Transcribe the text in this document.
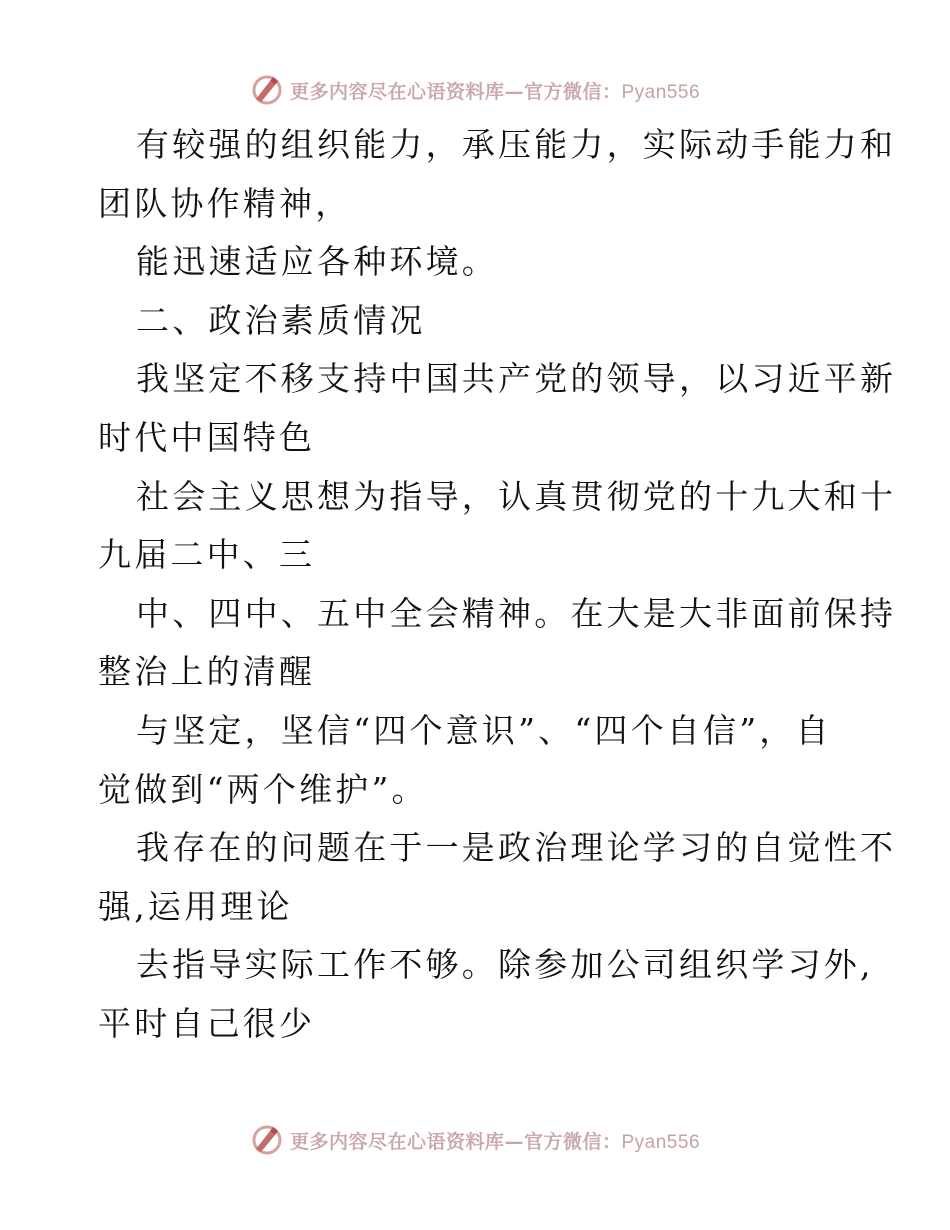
更多内容尽在心语资料库—官方微信：Pyan556
有较强的组织能力，承压能力，实际动手能力和
团队协作精神，
能迅速适应各种环境。
二、政治素质情况
我坚定不移支持中国共产党的领导，以习近平新
时代中国特色
社会主义思想为指导，认真贯彻党的十九大和十
九届二中、三
中、四中、五中全会精神。在大是大非面前保持
整治上的清醒
与坚定，坚信“四个意识”、“四个自信”，自
觉做到“两个维护”。
我存在的问题在于一是政治理论学习的自觉性不
强,运用理论
去指导实际工作不够。除参加公司组织学习外,
平时自己很少
更多内容尽在心语资料库—官方微信：Pyan556
